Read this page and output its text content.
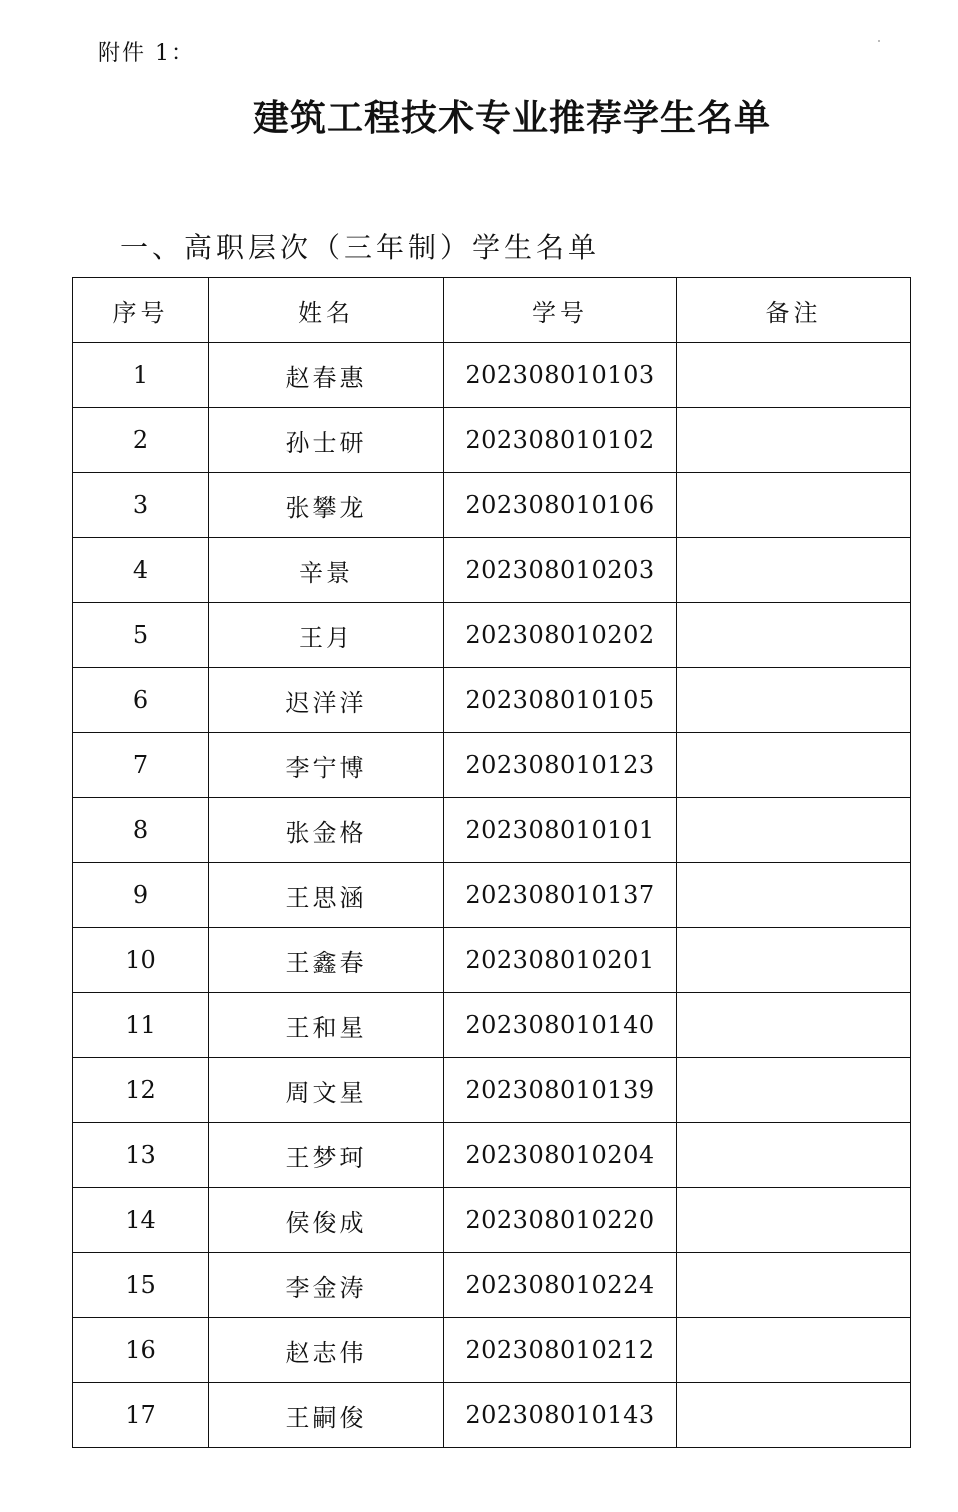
附件 1：
建筑工程技术专业推荐学生名单
一、高职层次（三年制）学生名单
序号	姓名	学号	备注
1	赵春惠	202308010103	
2	孙士研	202308010102	
3	张攀龙	202308010106	
4	辛景	202308010203	
5	王月	202308010202	
6	迟洋洋	202308010105	
7	李宁博	202308010123	
8	张金格	202308010101	
9	王思涵	202308010137	
10	王鑫春	202308010201	
11	王和星	202308010140	
12	周文星	202308010139	
13	王梦珂	202308010204	
14	侯俊成	202308010220	
15	李金涛	202308010224	
16	赵志伟	202308010212	
17	王嗣俊	202308010143	
